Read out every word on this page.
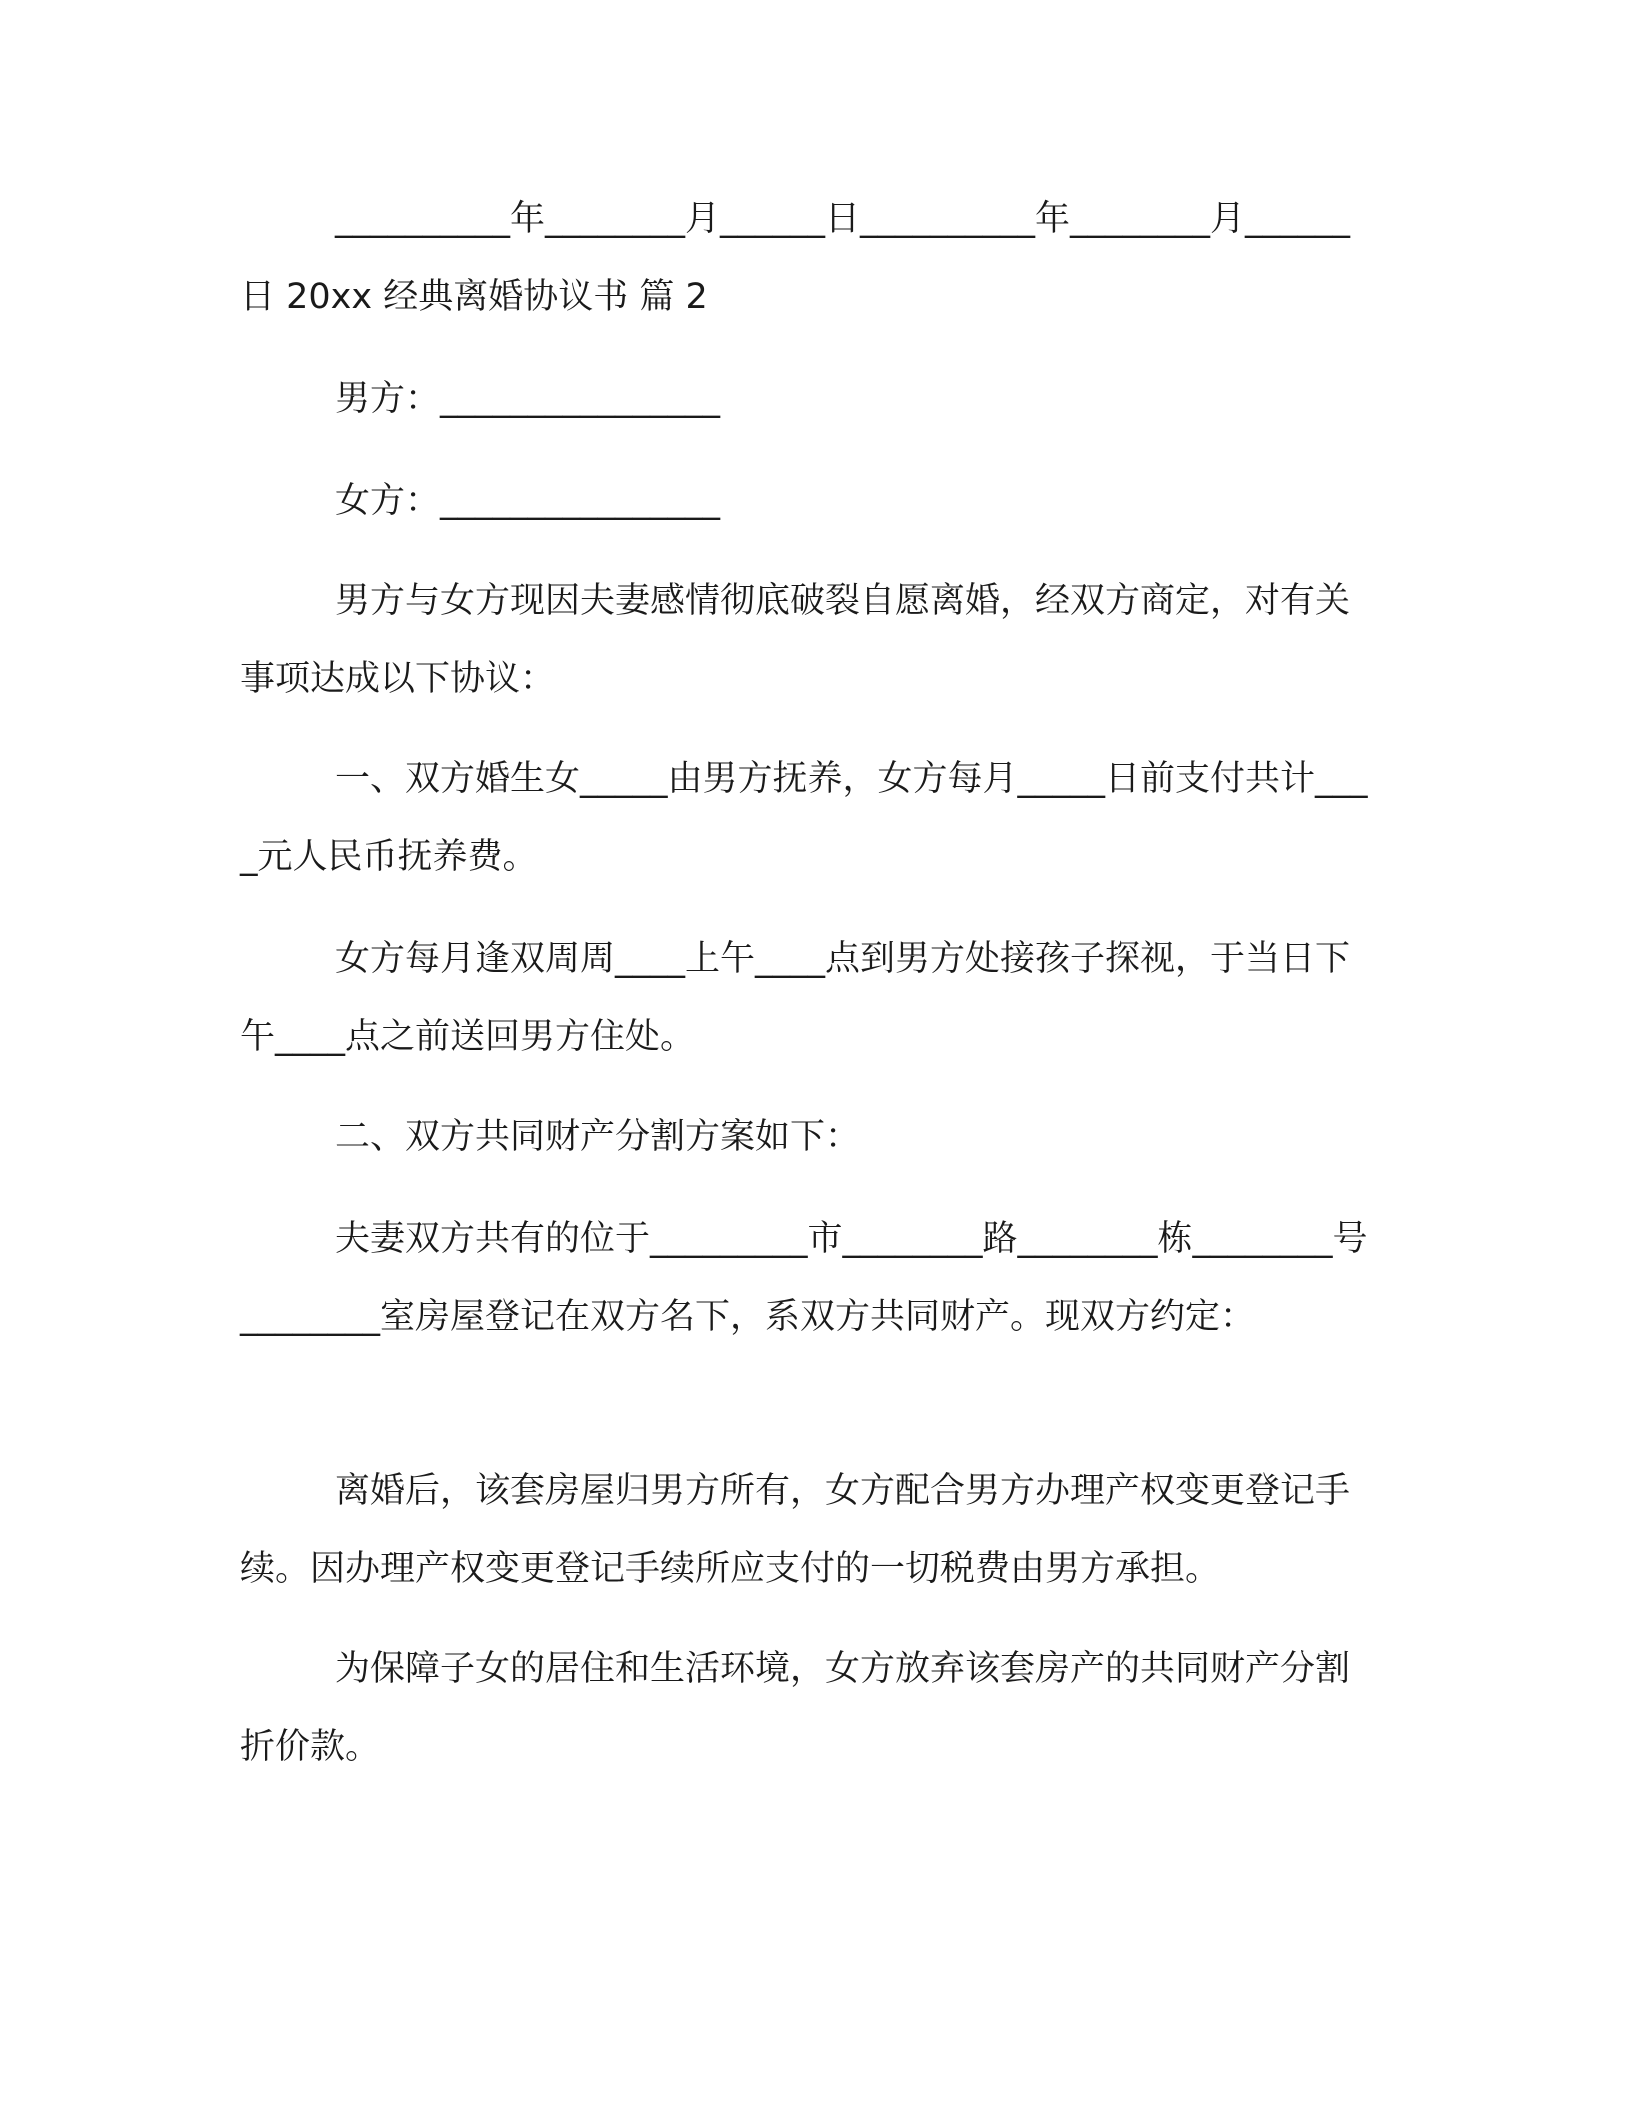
__________年________月______日__________年________月______日 20xx 经典离婚协议书 篇 2

男方：________________

女方：________________

男方与女方现因夫妻感情彻底破裂自愿离婚，经双方商定，对有关事项达成以下协议：

一、双方婚生女_____由男方抚养，女方每月_____日前支付共计____元人民币抚养费。

女方每月逢双周周____上午____点到男方处接孩子探视，于当日下午____点之前送回男方住处。

二、双方共同财产分割方案如下：

夫妻双方共有的位于_________市________路________栋________号________室房屋登记在双方名下，系双方共同财产。现双方约定：

离婚后，该套房屋归男方所有，女方配合男方办理产权变更登记手续。因办理产权变更登记手续所应支付的一切税费由男方承担。

为保障子女的居住和生活环境，女方放弃该套房产的共同财产分割折价款。
